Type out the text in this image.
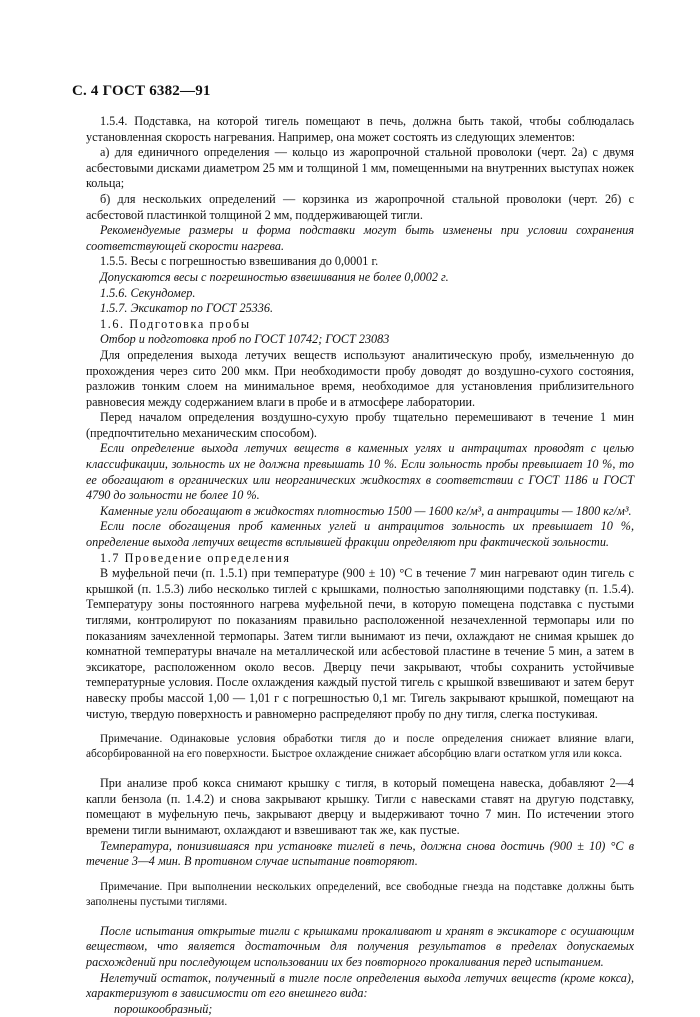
С. 4 ГОСТ 6382—91

1.5.4. Подставка, на которой тигель помещают в печь, должна быть такой, чтобы соблюдалась установленная скорость нагревания. Например, она может состоять из следующих элементов:

а) для единичного определения — кольцо из жаропрочной стальной проволоки (черт. 2а) с двумя асбестовыми дисками диаметром 25 мм и толщиной 1 мм, помещенными на внутренних выступах ножек кольца;

б) для нескольких определений — корзинка из жаропрочной стальной проволоки (черт. 2б) с асбестовой пластинкой толщиной 2 мм, поддерживающей тигли.

Рекомендуемые размеры и форма подставки могут быть изменены при условии сохранения соответствующей скорости нагрева.

1.5.5. Весы с погрешностью взвешивания до 0,0001 г.

Допускаются весы с погрешностью взвешивания не более 0,0002 г.

1.5.6. Секундомер.

1.5.7. Эксикатор по ГОСТ 25336.

1.6. Подготовка пробы

Отбор и подготовка проб по ГОСТ 10742; ГОСТ 23083

Для определения выхода летучих веществ используют аналитическую пробу, измельченную до прохождения через сито 200 мкм. При необходимости пробу доводят до воздушно-сухого состояния, разложив тонким слоем на минимальное время, необходимое для установления приблизительного равновесия между содержанием влаги в пробе и в атмосфере лаборатории.

Перед началом определения воздушно-сухую пробу тщательно перемешивают в течение 1 мин (предпочтительно механическим способом).

Если определение выхода летучих веществ в каменных углях и антрацитах проводят с целью классификации, зольность их не должна превышать 10 %. Если зольность пробы превышает 10 %, то ее обогащают в органических или неорганических жидкостях в соответствии с ГОСТ 1186 и ГОСТ 4790 до зольности не более 10 %.

Каменные угли обогащают в жидкостях плотностью 1500 — 1600 кг/м³, а антрациты — 1800 кг/м³.

Если после обогащения проб каменных углей и антрацитов зольность их превышает 10 %, определение выхода летучих веществ всплывшей фракции определяют при фактической зольности.

1.7 Проведение определения

В муфельной печи (п. 1.5.1) при температуре (900 ± 10) °С в течение 7 мин нагревают один тигель с крышкой (п. 1.5.3) либо несколько тиглей с крышками, полностью заполняющими подставку (п. 1.5.4). Температуру зоны постоянного нагрева муфельной печи, в которую помещена подставка с пустыми тиглями, контролируют по показаниям правильно расположенной незачехленной термопары или по показаниям зачехленной термопары. Затем тигли вынимают из печи, охлаждают не снимая крышек до комнатной температуры вначале на металлической или асбестовой пластине в течение 5 мин, а затем в эксикаторе, расположенном около весов. Дверцу печи закрывают, чтобы сохранить устойчивые температурные условия. После охлаждения каждый пустой тигель с крышкой взвешивают и затем берут навеску пробы массой 1,00 — 1,01 г с погрешностью 0,1 мг. Тигель закрывают крышкой, помещают на чистую, твердую поверхность и равномерно распределяют пробу по дну тигля, слегка постукивая.

Примечание. Одинаковые условия обработки тигля до и после определения снижает влияние влаги, абсорбированной на его поверхности. Быстрое охлаждение снижает абсорбцию влаги остатком угля или кокса.

При анализе проб кокса снимают крышку с тигля, в который помещена навеска, добавляют 2—4 капли бензола (п. 1.4.2) и снова закрывают крышку. Тигли с навесками ставят на другую подставку, помещают в муфельную печь, закрывают дверцу и выдерживают точно 7 мин. По истечении этого времени тигли вынимают, охлаждают и взвешивают так же, как пустые.

Температура, понизившаяся при установке тиглей в печь, должна снова достичь (900 ± 10) °С в течение 3—4 мин. В противном случае испытание повторяют.

Примечание. При выполнении нескольких определений, все свободные гнезда на подставке должны быть заполнены пустыми тиглями.

После испытания открытые тигли с крышками прокаливают и хранят в эксикаторе с осушающим веществом, что является достаточным для получения результатов в пределах допускаемых расхождений при последующем использовании их без повторного прокаливания перед испытанием.

Нелетучий остаток, полученный в тигле после определения выхода летучих веществ (кроме кокса), характеризуют в зависимости от его внешнего вида:

порошкообразный;
